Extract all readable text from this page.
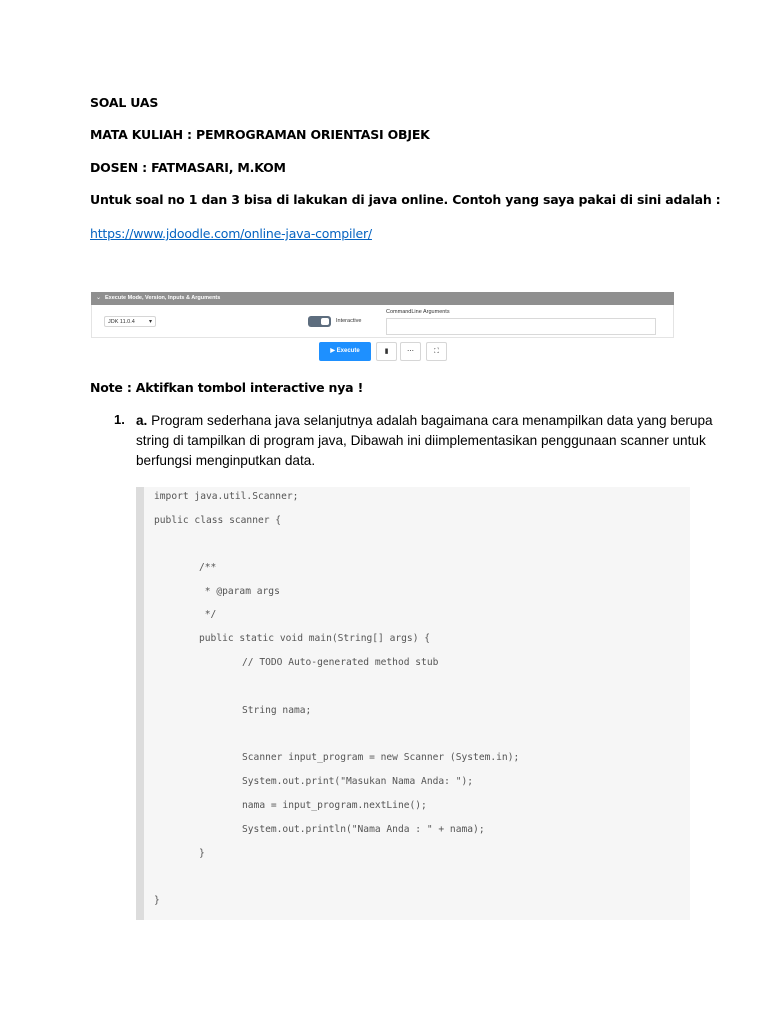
SOAL UAS
MATA KULIAH : PEMROGRAMAN ORIENTASI OBJEK
DOSEN : FATMASARI, M.KOM
Untuk soal no 1 dan 3 bisa di lakukan di java online. Contoh yang saya pakai di sini adalah :
https://www.jdoodle.com/online-java-compiler/
⌄ Execute Mode, Version, Inputs & Arguments
JDK 11.0.4 ▾	Interactive
CommandLine Arguments
▶ Execute	▮	⋯	⛶
Note : Aktifkan tombol interactive nya !
1. a. Program sederhana java selanjutnya adalah bagaimana cara menampilkan data yang berupa string di tampilkan di program java, Dibawah ini diimplementasikan penggunaan scanner untuk berfungsi menginputkan data.
import java.util.Scanner;
public class scanner {
/**
* @param args
*/
public static void main(String[] args) {
// TODO Auto-generated method stub
String nama;
Scanner input_program = new Scanner (System.in);
System.out.print("Masukan Nama Anda: ");
nama = input_program.nextLine();
System.out.println("Nama Anda : " + nama);
}
}
